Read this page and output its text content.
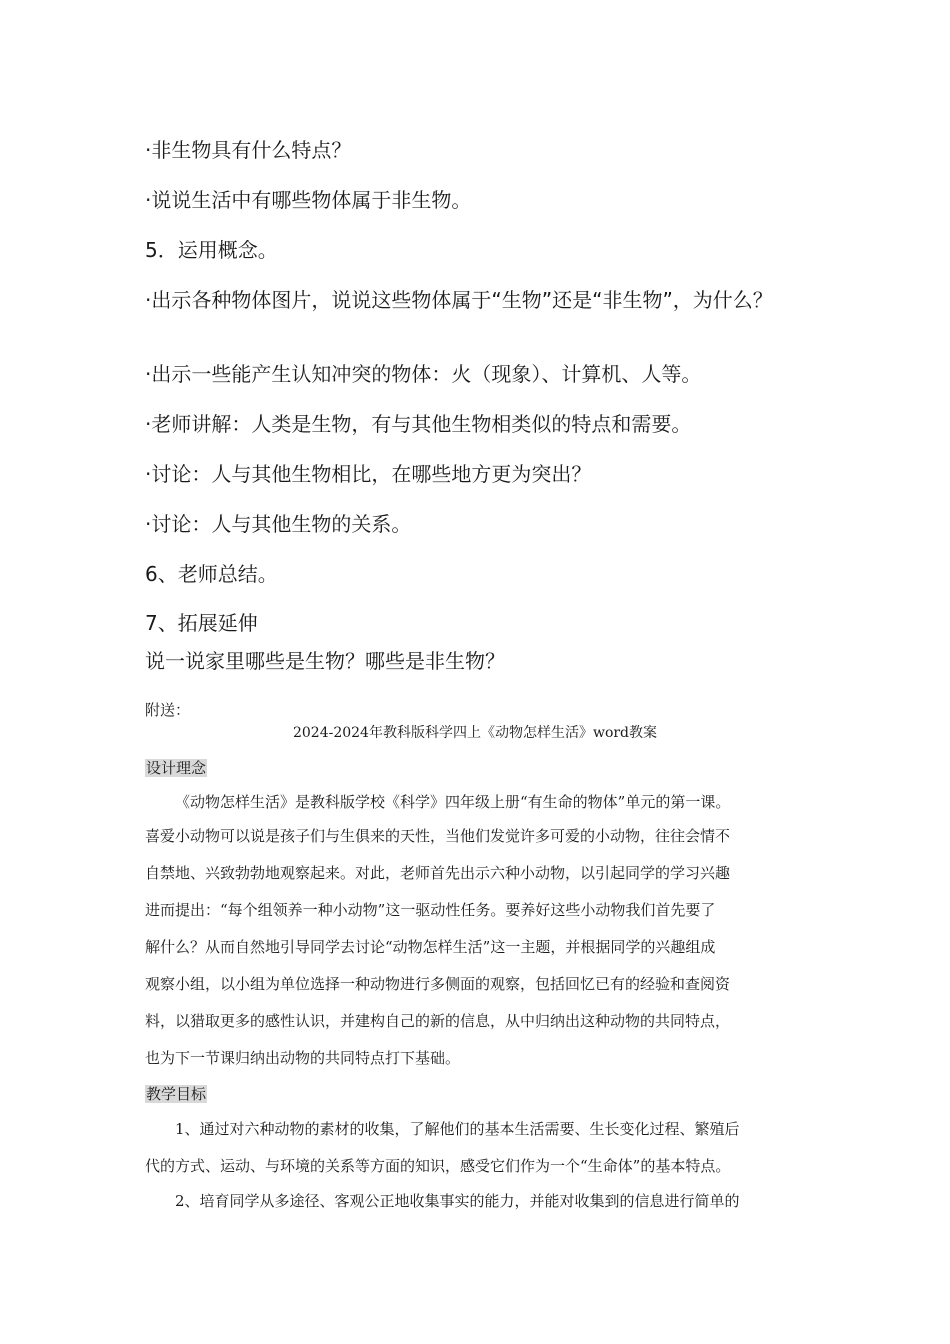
·非生物具有什么特点？
·说说生活中有哪些物体属于非生物。
5．运用概念。
·出示各种物体图片，说说这些物体属于“生物”还是“非生物”，为什么？
·出示一些能产生认知冲突的物体：火（现象）、计算机、人等。
·老师讲解：人类是生物，有与其他生物相类似的特点和需要。
·讨论：人与其他生物相比，在哪些地方更为突出？
·讨论：人与其他生物的关系。
6、老师总结。
7、拓展延伸
说一说家里哪些是生物？哪些是非生物？
附送：
2024-2024年教科版科学四上《动物怎样生活》word教案
设计理念
《动物怎样生活》是教科版学校《科学》四年级上册“有生命的物体”单元的第一课。
喜爱小动物可以说是孩子们与生俱来的天性，当他们发觉许多可爱的小动物，往往会情不
自禁地、兴致勃勃地观察起来。对此，老师首先出示六种小动物，以引起同学的学习兴趣
进而提出：“每个组领养一种小动物”这一驱动性任务。要养好这些小动物我们首先要了
解什么？从而自然地引导同学去讨论“动物怎样生活”这一主题，并根据同学的兴趣组成
观察小组，以小组为单位选择一种动物进行多侧面的观察，包括回忆已有的经验和查阅资
料，以猎取更多的感性认识，并建构自己的新的信息，从中归纳出这种动物的共同特点，
也为下一节课归纳出动物的共同特点打下基础。
教学目标
1、通过对六种动物的素材的收集，了解他们的基本生活需要、生长变化过程、繁殖后
代的方式、运动、与环境的关系等方面的知识，感受它们作为一个“生命体”的基本特点。
2、培育同学从多途径、客观公正地收集事实的能力，并能对收集到的信息进行简单的
